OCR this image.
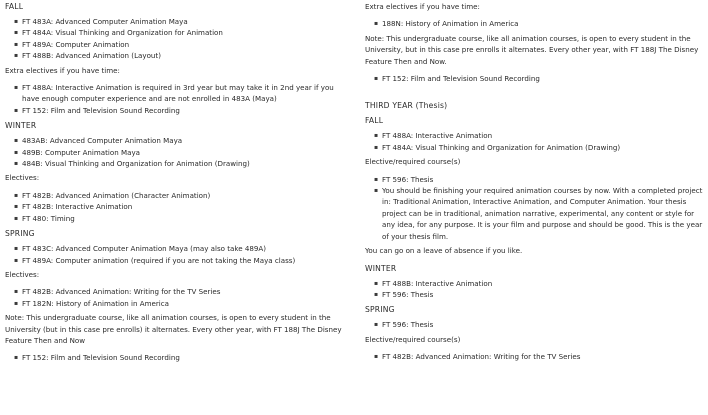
FALL
▪ FT 483A: Advanced Computer Animation Maya
▪ FT 484A: Visual Thinking and Organization for Animation
▪ FT 489A: Computer Animation
▪ FT 488B: Advanced Animation (Layout)
Extra electives if you have time:
▪ FT 488A: Interactive Animation is required in 3rd year but may take it in 2nd year if you have enough computer experience and are not enrolled in 483A (Maya)
▪ FT 152: Film and Television Sound Recording
WINTER
▪ 483AB: Advanced Computer Animation Maya
▪ 489B: Computer Animation Maya
▪ 484B: Visual Thinking and Organization for Animation (Drawing)
Electives:
▪ FT 482B: Advanced Animation (Character Animation)
▪ FT 482B: Interactive Animation
▪ FT 480: Timing
SPRING
▪ FT 483C: Advanced Computer Animation Maya (may also take 489A)
▪ FT 489A: Computer animation (required if you are not taking the Maya class)
Electives:
▪ FT 482B: Advanced Animation: Writing for the TV Series
▪ FT 182N: History of Animation in America
Note: This undergraduate course, like all animation courses, is open to every student in the University (but in this case pre enrolls) it alternates. Every other year, with FT 188J The Disney Feature Then and Now
▪ FT 152: Film and Television Sound Recording
Extra electives if you have time:
▪ 188N: History of Animation in America
Note: This undergraduate course, like all animation courses, is open to every student in the University, but in this case pre enrolls it alternates. Every other year, with FT 188J The Disney Feature Then and Now.
▪ FT 152: Film and Television Sound Recording
THIRD YEAR (Thesis)
FALL
▪ FT 488A: Interactive Animation
▪ FT 484A: Visual Thinking and Organization for Animation (Drawing)
Elective/required course(s)
▪ FT 596: Thesis
▪ You should be finishing your required animation courses by now. With a completed project in: Traditional Animation, Interactive Animation, and Computer Animation. Your thesis project can be in traditional, animation narrative, experimental, any content or style for any idea, for any purpose. It is your film and purpose and should be good. This is the year of your thesis film.
You can go on a leave of absence if you like.
WINTER
▪ FT 488B: Interactive Animation
▪ FT 596: Thesis
SPRING
▪ FT 596: Thesis
Elective/required course(s)
▪ FT 482B: Advanced Animation: Writing for the TV Series
